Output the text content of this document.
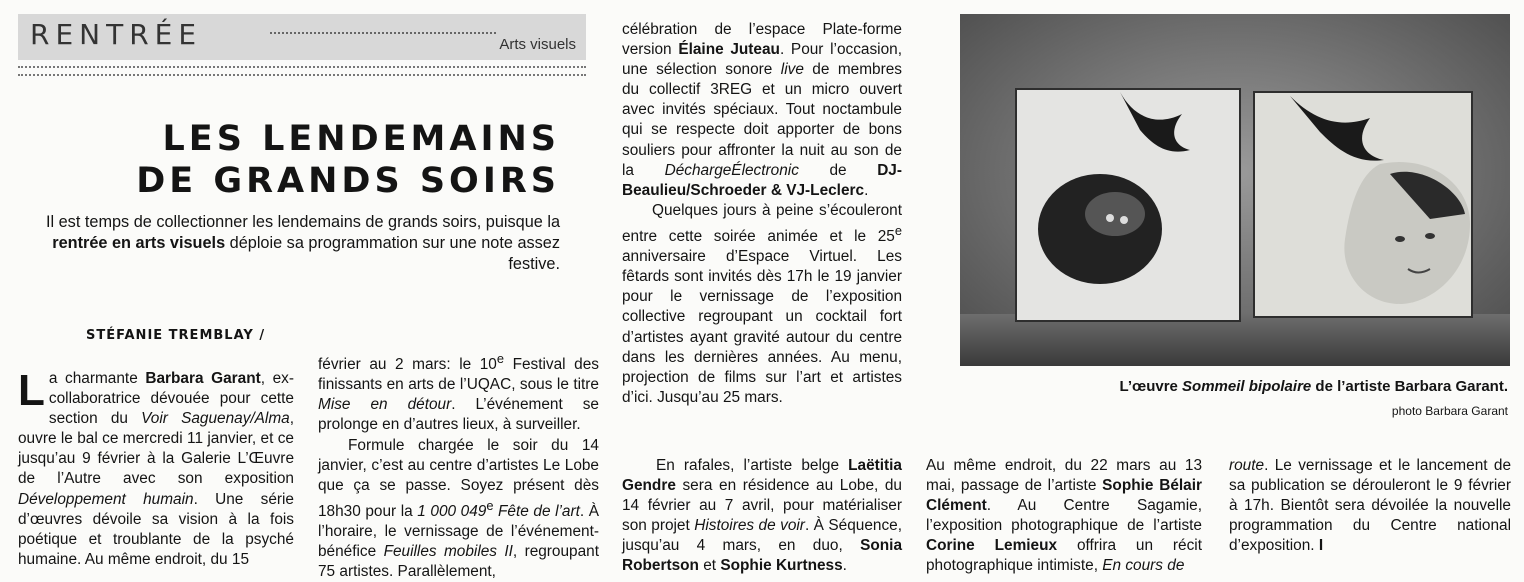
RENTRÉE	Arts visuels
LES LENDEMAINS
DE GRANDS SOIRS

Il est temps de collectionner les lendemains de grands soirs, puisque la rentrée en arts visuels déploie sa programmation sur une note assez festive.

STÉFANIE TREMBLAY /

La charmante Barbara Garant, ex-collaboratrice dévouée pour cette section du Voir Saguenay/Alma, ouvre le bal ce mercredi 11 janvier, et ce jusqu’au 9 février à la Galerie L’Œuvre de l’Autre avec son exposition Développement humain. Une série d’œuvres dévoile sa vision à la fois poétique et troublante de la psyché humaine. Au même endroit, du 15

février au 2 mars: le 10e Festival des finissants en arts de l’UQAC, sous le titre Mise en détour. L’événement se prolonge en d’autres lieux, à surveiller.

Formule chargée le soir du 14 janvier, c’est au centre d’artistes Le Lobe que ça se passe. Soyez présent dès 18h30 pour la 1 000 049e Fête de l’art. À l’horaire, le vernissage de l’événement-bénéfice Feuilles mobiles II, regroupant 75 artistes. Parallèlement,

célébration de l’espace Plate-forme version Élaine Juteau. Pour l’occasion, une sélection sonore live de membres du collectif 3REG et un micro ouvert avec invités spéciaux. Tout noctambule qui se respecte doit apporter de bons souliers pour affronter la nuit au son de la DéchargeÉlectronic de DJ-Beaulieu/Schroeder & VJ-Leclerc.

Quelques jours à peine s’écouleront entre cette soirée animée et le 25e anniversaire d’Espace Virtuel. Les fêtards sont invités dès 17h le 19 janvier pour le vernissage de l’exposition collective regroupant un cocktail fort d’artistes ayant gravité autour du centre dans les dernières années. Au menu, projection de films sur l’art et artistes d’ici. Jusqu’au 25 mars.

En rafales, l’artiste belge Laëtitia Gendre sera en résidence au Lobe, du 14 février au 7 avril, pour matérialiser son projet Histoires de voir. À Séquence, jusqu’au 4 mars, en duo, Sonia Robertson et Sophie Kurtness.

Au même endroit, du 22 mars au 13 mai, passage de l’artiste Sophie Bélair Clément. Au Centre Sagamie, l’exposition photographique de l’artiste Corine Lemieux offrira un récit photographique intimiste, En cours de

route. Le vernissage et le lancement de sa publication se dérouleront le 9 février à 17h. Bientôt sera dévoilée la nouvelle programmation du Centre national d’exposition. I

L’œuvre Sommeil bipolaire de l’artiste Barbara Garant.
photo Barbara Garant
